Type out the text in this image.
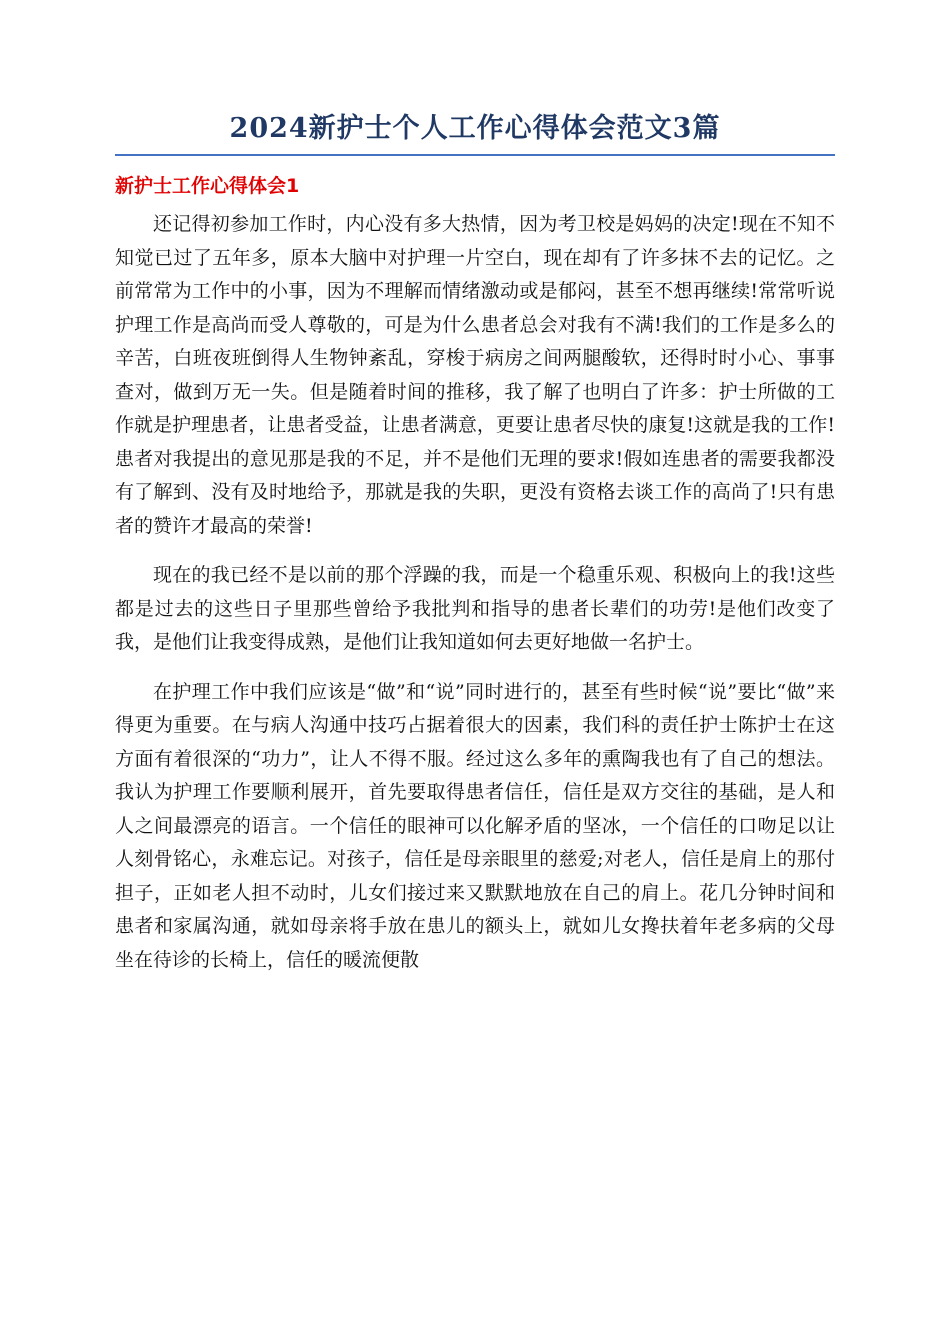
2024新护士个人工作心得体会范文3篇
新护士工作心得体会1

还记得初参加工作时，内心没有多大热情，因为考卫校是妈妈的决定!现在不知不知觉已过了五年多，原本大脑中对护理一片空白，现在却有了许多抹不去的记忆。之前常常为工作中的小事，因为不理解而情绪激动或是郁闷，甚至不想再继续!常常听说护理工作是高尚而受人尊敬的，可是为什么患者总会对我有不满!我们的工作是多么的辛苦，白班夜班倒得人生物钟紊乱，穿梭于病房之间两腿酸软，还得时时小心、事事查对，做到万无一失。但是随着时间的推移，我了解了也明白了许多：护士所做的工作就是护理患者，让患者受益，让患者满意，更要让患者尽快的康复!这就是我的工作!患者对我提出的意见那是我的不足，并不是他们无理的要求!假如连患者的需要我都没有了解到、没有及时地给予，那就是我的失职，更没有资格去谈工作的高尚了!只有患者的赞许才最高的荣誉!

现在的我已经不是以前的那个浮躁的我，而是一个稳重乐观、积极向上的我!这些都是过去的这些日子里那些曾给予我批判和指导的患者长辈们的功劳!是他们改变了我，是他们让我变得成熟，是他们让我知道如何去更好地做一名护士。

在护理工作中我们应该是“做”和“说”同时进行的，甚至有些时候“说”要比“做”来得更为重要。在与病人沟通中技巧占据着很大的因素，我们科的责任护士陈护士在这方面有着很深的“功力”，让人不得不服。经过这么多年的熏陶我也有了自己的想法。我认为护理工作要顺利展开，首先要取得患者信任，信任是双方交往的基础，是人和人之间最漂亮的语言。一个信任的眼神可以化解矛盾的坚冰，一个信任的口吻足以让人刻骨铭心，永难忘记。对孩子，信任是母亲眼里的慈爱;对老人，信任是肩上的那付担子，正如老人担不动时，儿女们接过来又默默地放在自己的肩上。花几分钟时间和患者和家属沟通，就如母亲将手放在患儿的额头上，就如儿女搀扶着年老多病的父母坐在待诊的长椅上，信任的暖流便散
